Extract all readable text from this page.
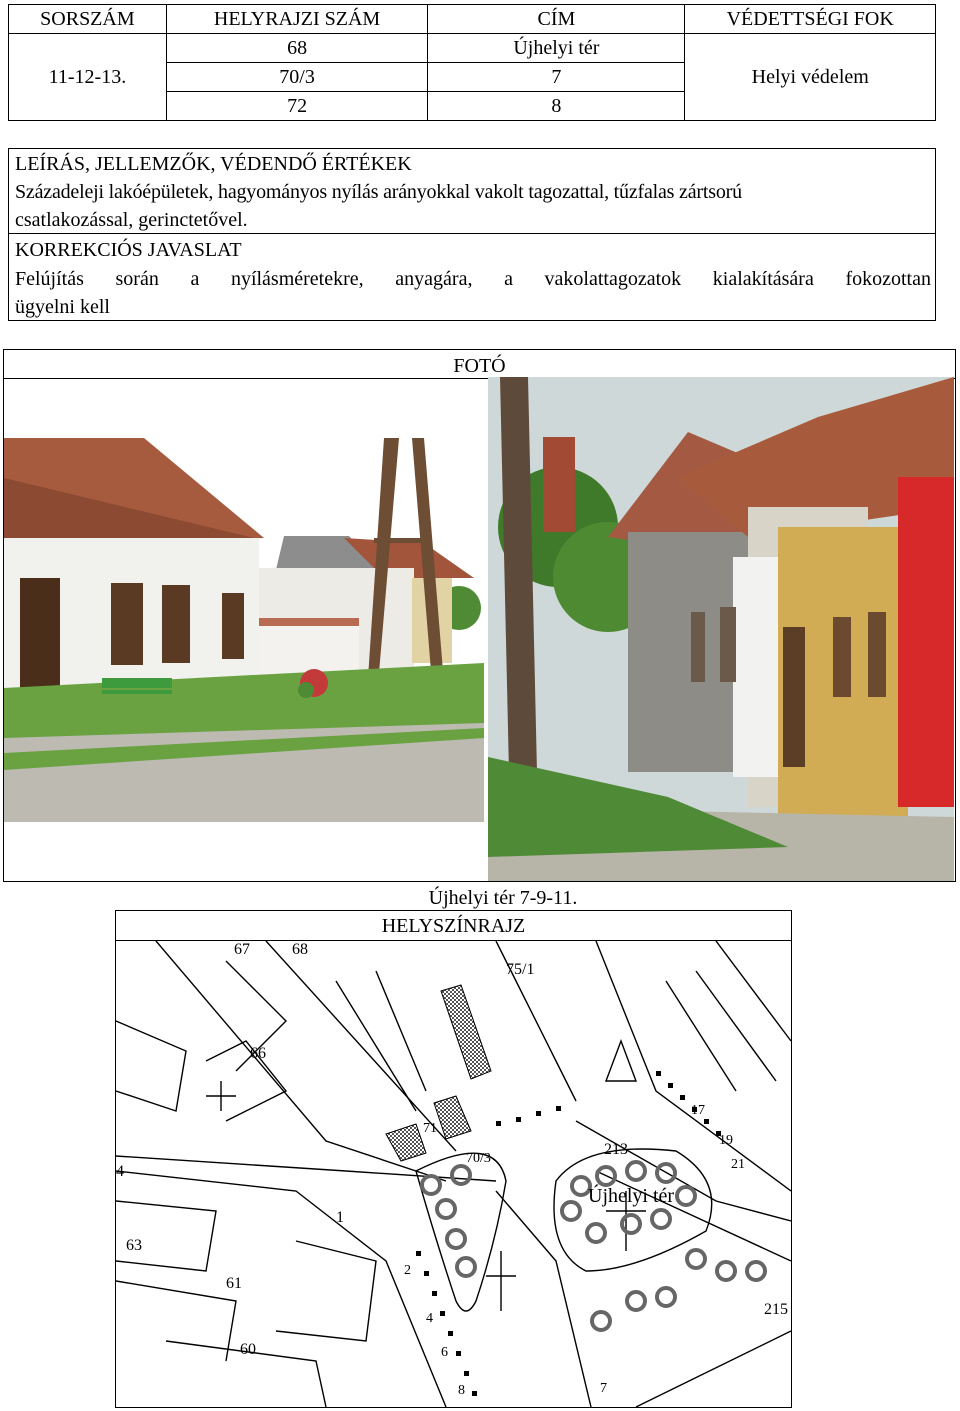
SORSZÁM	HELYRAJZI SZÁM	CÍM	VÉDETTSÉGI FOK
11-12-13.	68	Újhelyi tér	Helyi védelem
	70/3	7	
	72	8	
LEÍRÁS, JELLEMZŐK, VÉDENDŐ ÉRTÉKEK
Századeleji lakóépületek, hagyományos nyílás arányokkal vakolt tagozattal, tűzfalas zártsorú
csatlakozással, gerinctetővel.
KORREKCIÓS JAVASLAT
Felújítás során a nyílásméretekre, anyagára, a vakolattagozatok kialakítására fokozottan
ügyelni kell
FOTÓ
Újhelyi tér 7-9-11.
HELYSZÍNRAJZ
67	68
75/1
66
17
19
21
71
70/3
213
Újhelyi tér
4
1
63
61
2
4
60	6
8
215
7
